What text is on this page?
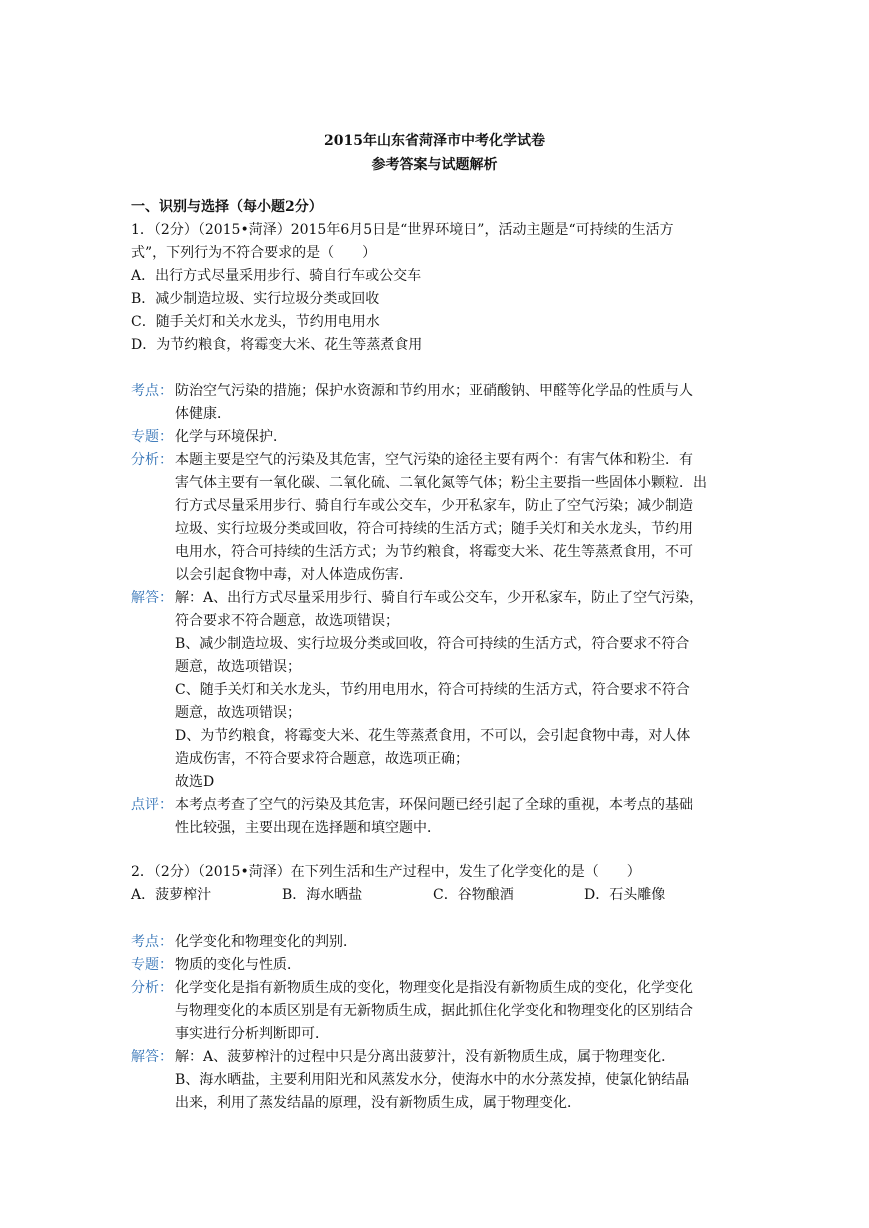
2015年山东省菏泽市中考化学试卷
参考答案与试题解析
一、识别与选择（每小题2分）
1．（2分）（2015•菏泽）2015年6月5日是“世界环境日”，活动主题是“可持续的生活方
式”，下列行为不符合要求的是（　　）
A．出行方式尽量采用步行、骑自行车或公交车
B．减少制造垃圾、实行垃圾分类或回收
C．随手关灯和关水龙头，节约用电用水
D．为节约粮食，将霉变大米、花生等蒸煮食用
考点： 防治空气污染的措施；保护水资源和节约用水；亚硝酸钠、甲醛等化学品的性质与人
体健康．
专题： 化学与环境保护．
分析： 本题主要是空气的污染及其危害，空气污染的途径主要有两个：有害气体和粉尘．有
害气体主要有一氧化碳、二氧化硫、二氧化氮等气体；粉尘主要指一些固体小颗粒．出
行方式尽量采用步行、骑自行车或公交车，少开私家车，防止了空气污染；减少制造
垃圾、实行垃圾分类或回收，符合可持续的生活方式；随手关灯和关水龙头，节约用
电用水，符合可持续的生活方式；为节约粮食，将霉变大米、花生等蒸煮食用，不可
以会引起食物中毒，对人体造成伤害．
解答： 解：A、出行方式尽量采用步行、骑自行车或公交车，少开私家车，防止了空气污染，
符合要求不符合题意，故选项错误；
B、减少制造垃圾、实行垃圾分类或回收，符合可持续的生活方式，符合要求不符合
题意，故选项错误；
C、随手关灯和关水龙头，节约用电用水，符合可持续的生活方式，符合要求不符合
题意，故选项错误；
D、为节约粮食，将霉变大米、花生等蒸煮食用，不可以，会引起食物中毒，对人体
造成伤害，不符合要求符合题意，故选项正确；
故选D
点评： 本考点考查了空气的污染及其危害，环保问题已经引起了全球的重视，本考点的基础
性比较强，主要出现在选择题和填空题中．
2．（2分）（2015•菏泽）在下列生活和生产过程中，发生了化学变化的是（　　）
A．菠萝榨汁	B．海水晒盐	C．谷物酿酒	D．石头雕像
考点： 化学变化和物理变化的判别．
专题： 物质的变化与性质．
分析： 化学变化是指有新物质生成的变化，物理变化是指没有新物质生成的变化，化学变化
与物理变化的本质区别是有无新物质生成，据此抓住化学变化和物理变化的区别结合
事实进行分析判断即可．
解答： 解：A、菠萝榨汁的过程中只是分离出菠萝汁，没有新物质生成，属于物理变化．
B、海水晒盐，主要利用阳光和风蒸发水分，使海水中的水分蒸发掉，使氯化钠结晶
出来，利用了蒸发结晶的原理，没有新物质生成，属于物理变化．
